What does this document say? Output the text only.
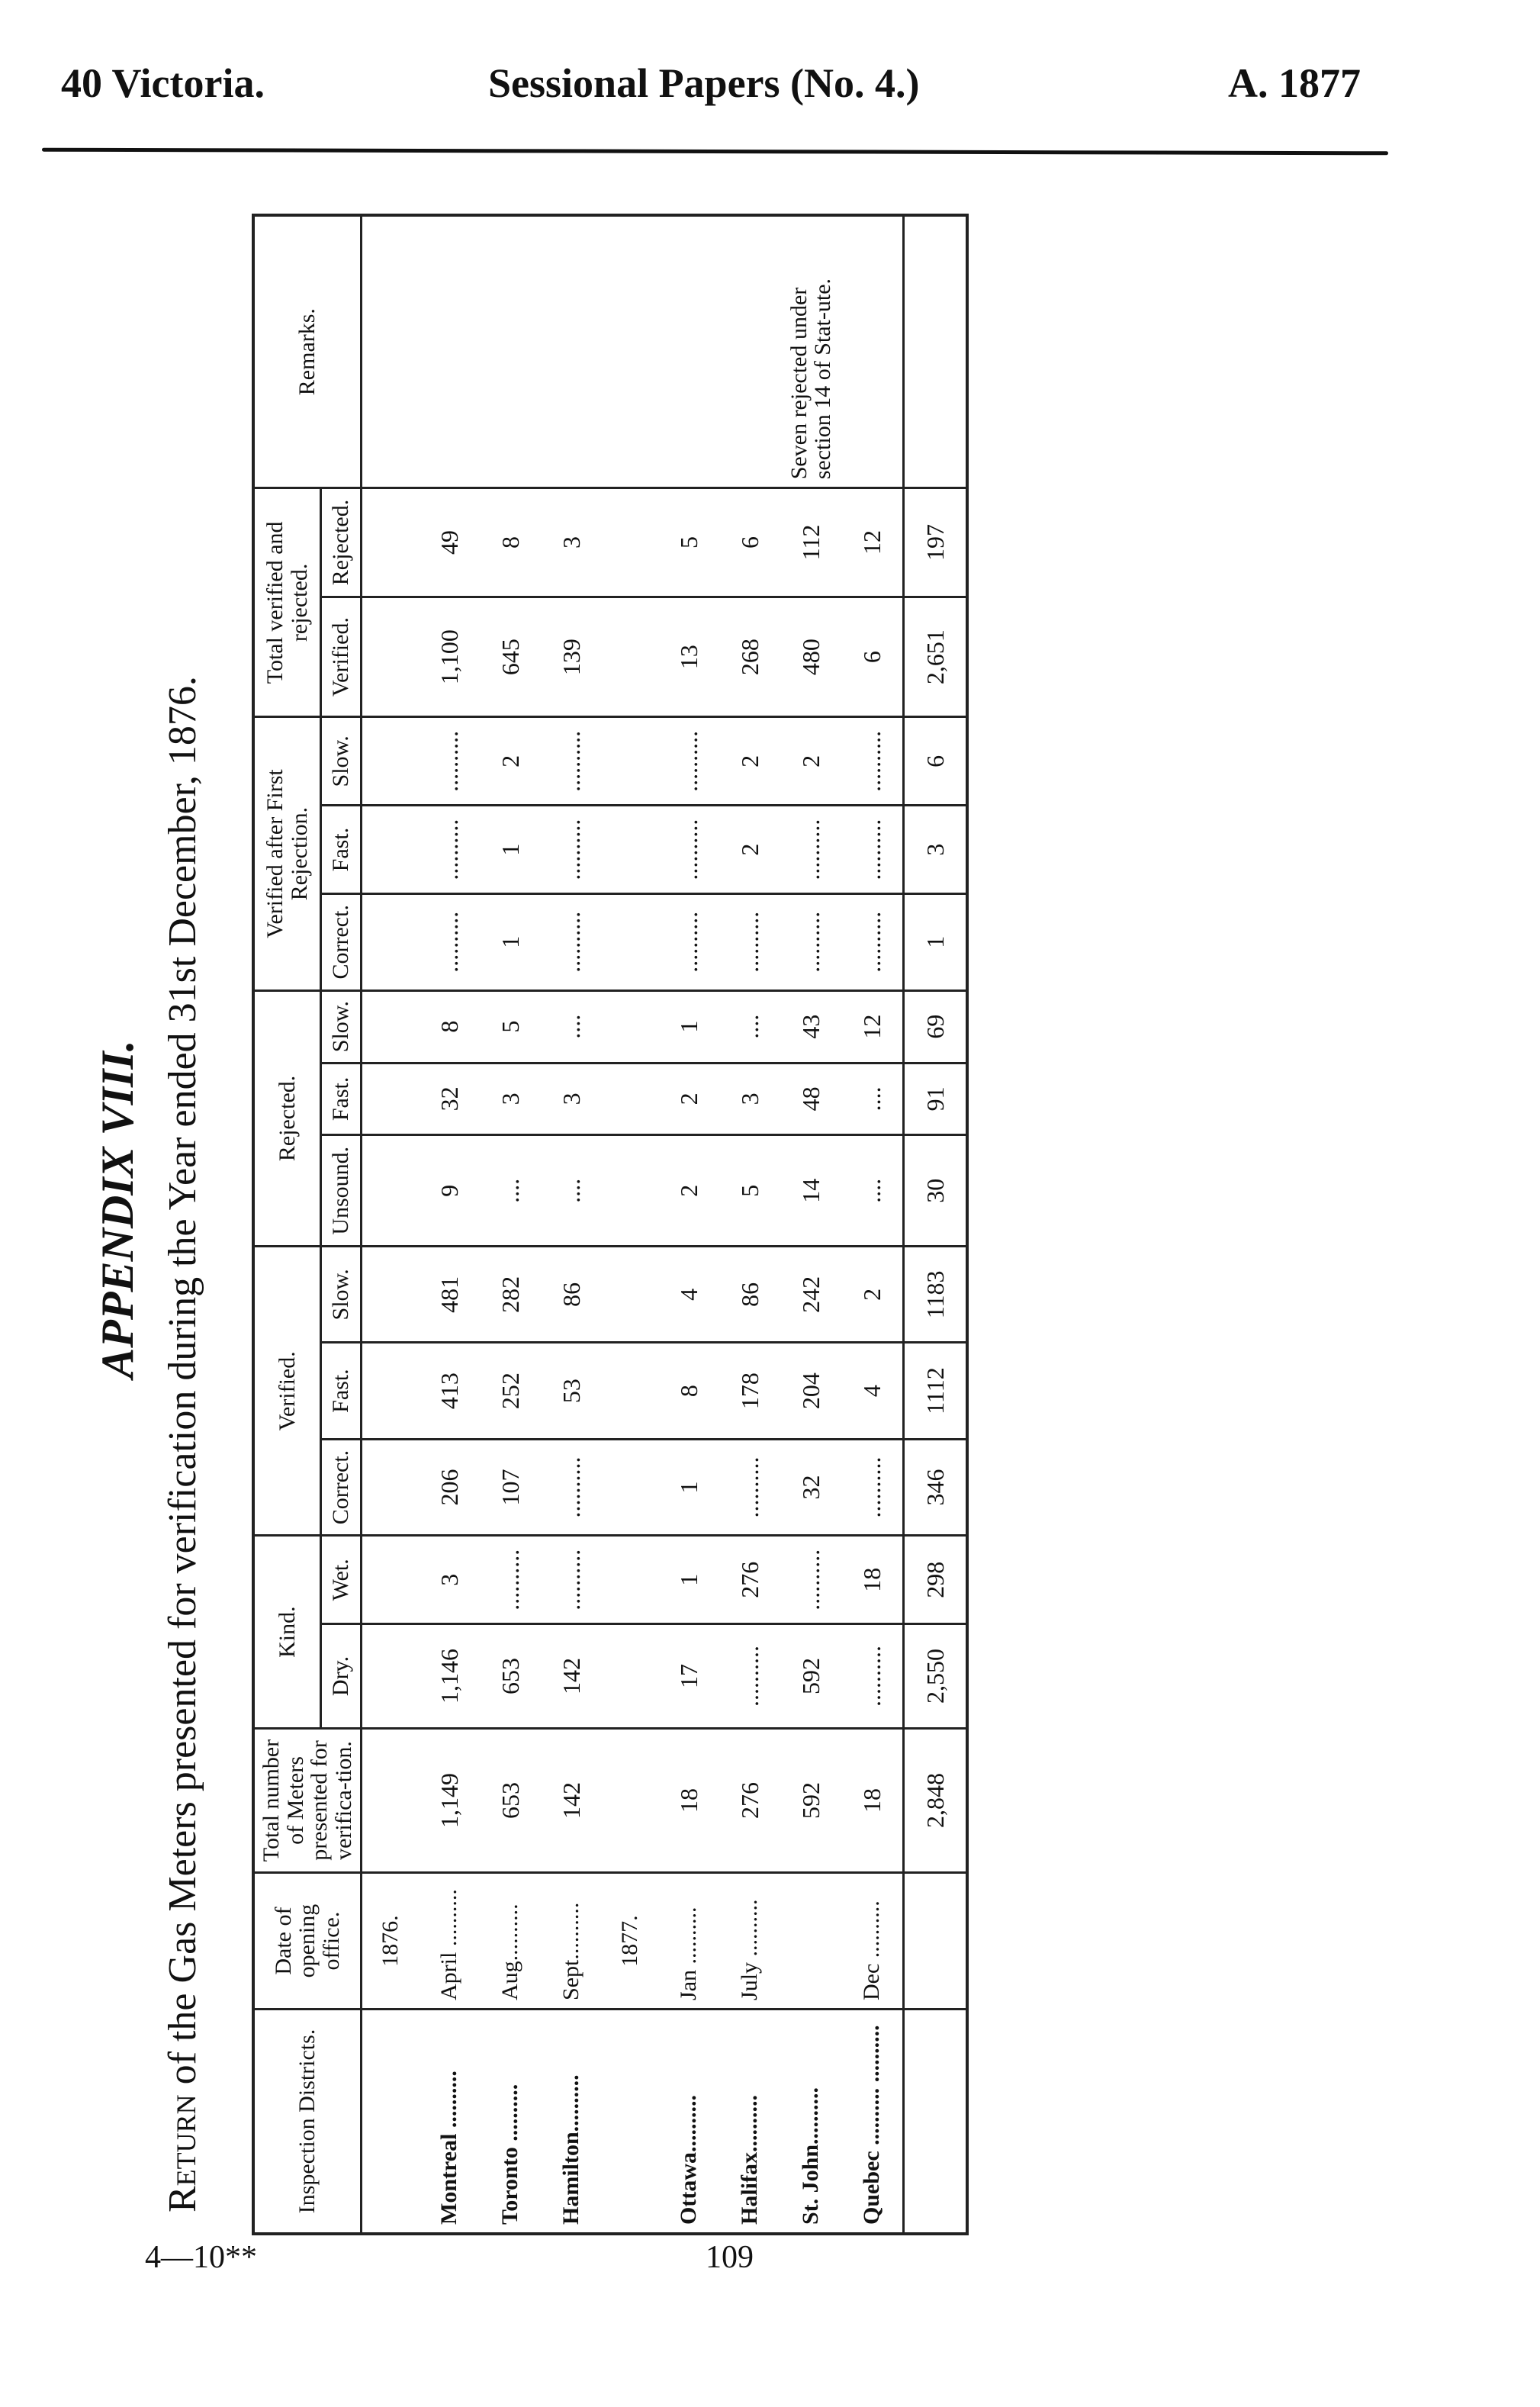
40 Victoria.	Sessional Papers (No. 4.)	A. 1877
APPENDIX VIII.
Return of the Gas Meters presented for verification during the Year ended 31st December, 1876.
Inspection Districts.	Date of opening office.	Total number of Meters presented for verifica-tion.	Kind.		Verified.			Rejected.			Verified after First Rejection.			Total verified and rejected.		Remarks.
			Dry.	Wet.	Correct.	Fast.	Slow.	Unsound.	Fast.	Slow.	Correct.	Fast.	Slow.	Verified.	Rejected.	
	1876.															
Montreal ..........	April ..........	1,149	1,146	3	206	413	481	9	32	8	..........	..........	..........	1,100	49	
Toronto ..........	Aug..........	653	653	..........	107	252	282	....	3	5	1	1	2	645	8	
Hamilton..........	Sept..........	142	142	..........	..........	53	86	....	3	....	..........	..........	..........	139	3	
	1877.															
Ottawa..........	Jan ..........	18	17	1	1	8	4	2	2	1	..........	..........	..........	13	5	
Halifax..........	July ..........	276	..........	276	..........	178	86	5	3	....	..........	2	2	268	6	
St. John..........		592	592	..........	32	204	242	14	48	43	..........	..........	2	480	112	Seven rejected under section 14 of Stat-ute.
Quebec .......... ..........	Dec ..........	18	..........	18	..........	4	2	....	....	12	..........	..........	..........	6	12	
		2,848	2,550	298	346	1112	1183	30	91	69	1	3	6	2,651	197	
4—10**	109
